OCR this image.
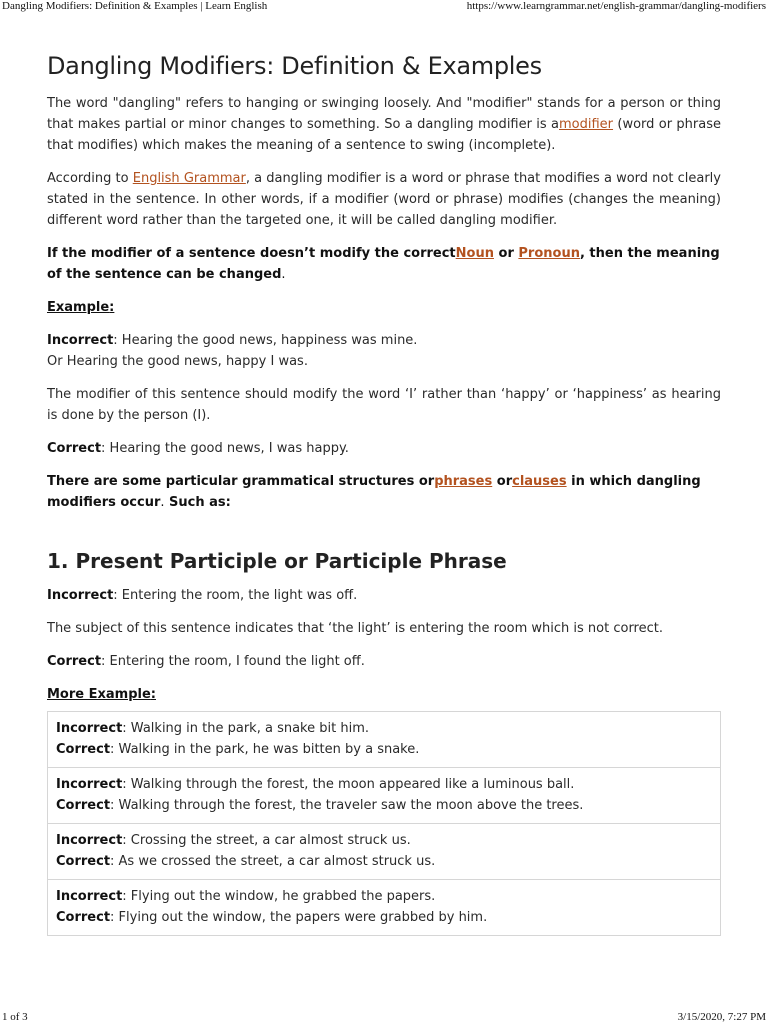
Dangling Modifiers: Definition & Examples | Learn English	https://www.learngrammar.net/english-grammar/dangling-modifiers
Dangling Modifiers: Definition & Examples

The word "dangling" refers to hanging or swinging loosely. And "modifier" stands for a person or thing that makes partial or minor changes to something. So a dangling modifier is amodifier (word or phrase that modifies) which makes the meaning of a sentence to swing (incomplete).

According to English Grammar, a dangling modifier is a word or phrase that modifies a word not clearly stated in the sentence. In other words, if a modifier (word or phrase) modifies (changes the meaning) different word rather than the targeted one, it will be called dangling modifier.

If the modifier of a sentence doesn’t modify the correctNoun or Pronoun, then the meaning of the sentence can be changed.

Example:

Incorrect: Hearing the good news, happiness was mine.
Or Hearing the good news, happy I was.

The modifier of this sentence should modify the word ‘I’ rather than ‘happy’ or ‘happiness’ as hearing is done by the person (I).

Correct: Hearing the good news, I was happy.

There are some particular grammatical structures orphrases orclauses in which dangling modifiers occur. Such as:

1. Present Participle or Participle Phrase

Incorrect: Entering the room, the light was off.

The subject of this sentence indicates that ‘the light’ is entering the room which is not correct.

Correct: Entering the room, I found the light off.

More Example:

Incorrect: Walking in the park, a snake bit him.
Correct: Walking in the park, he was bitten by a snake.
Incorrect: Walking through the forest, the moon appeared like a luminous ball.
Correct: Walking through the forest, the traveler saw the moon above the trees.
Incorrect: Crossing the street, a car almost struck us.
Correct: As we crossed the street, a car almost struck us.
Incorrect: Flying out the window, he grabbed the papers.
Correct: Flying out the window, the papers were grabbed by him.
1 of 3	3/15/2020, 7:27 PM
